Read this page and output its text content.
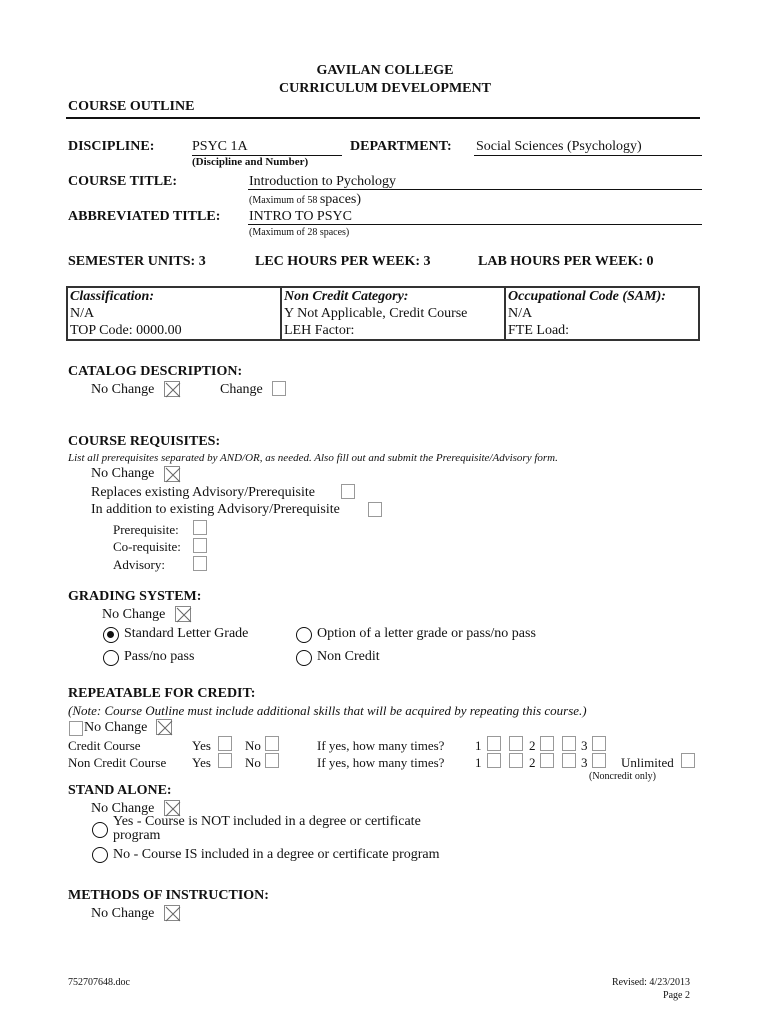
GAVILAN COLLEGE
CURRICULUM DEVELOPMENT
COURSE OUTLINE
DISCIPLINE:	PSYC 1A
(Discipline and Number)
DEPARTMENT: Social Sciences (Psychology)
COURSE TITLE:	Introduction to Pychology
(Maximum of 58 spaces)
ABBREVIATED TITLE: INTRO TO PSYC
(Maximum of 28 spaces)
SEMESTER UNITS: 3	LEC HOURS PER WEEK: 3	LAB HOURS PER WEEK: 0
Classification:	Non Credit Category:	Occupational Code (SAM):
N/A	Y Not Applicable, Credit Course	N/A
TOP Code: 0000.00	LEH Factor:	FTE Load:
CATALOG DESCRIPTION:
No Change	Change
COURSE REQUISITES:
List all prerequisites separated by AND/OR, as needed. Also fill out and submit the Prerequisite/Advisory form.
No Change
Replaces existing Advisory/Prerequisite
In addition to existing Advisory/Prerequisite
Prerequisite:
Co-requisite:
Advisory:
GRADING SYSTEM:
No Change
Standard Letter Grade	Option of a letter grade or pass/no pass
Pass/no pass	Non Credit
REPEATABLE FOR CREDIT:
(Note: Course Outline must include additional skills that will be acquired by repeating this course.)
No Change
Credit Course	Yes	No	If yes, how many times? 1	2	3
Non Credit Course Yes	No	If yes, how many times? 1	2	3	Unlimited
(Noncredit only)
STAND ALONE:
No Change
Yes - Course is NOT included in a degree or certificate
program
No - Course IS included in a degree or certificate program
METHODS OF INSTRUCTION:
No Change
752707648.doc	Revised: 4/23/2013
Page 2
